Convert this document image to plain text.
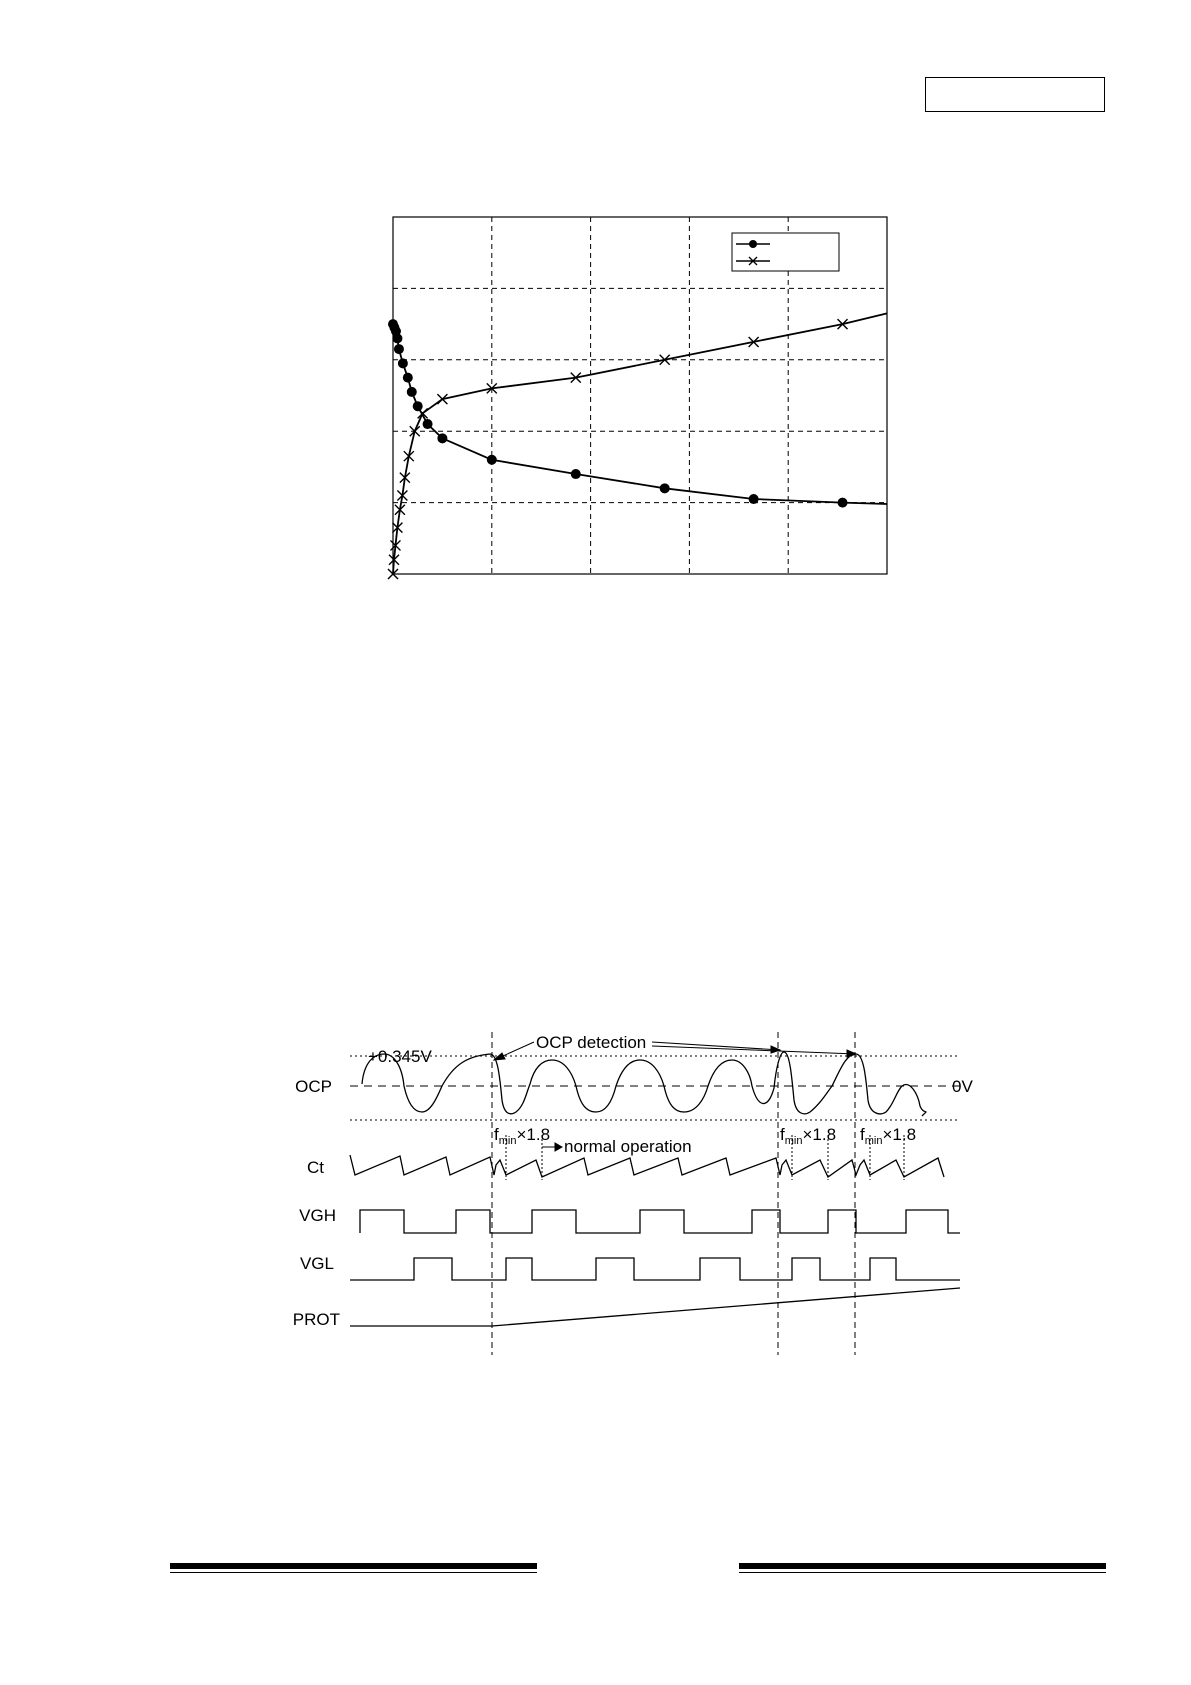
OCP
Ct
VGH
VGL
PROT
+0.345V
0V
OCP detection
normal operation
$f_{min}\times 1.8$	$f_{min}\times 1.8$ $f_{min}\times 1.8$
